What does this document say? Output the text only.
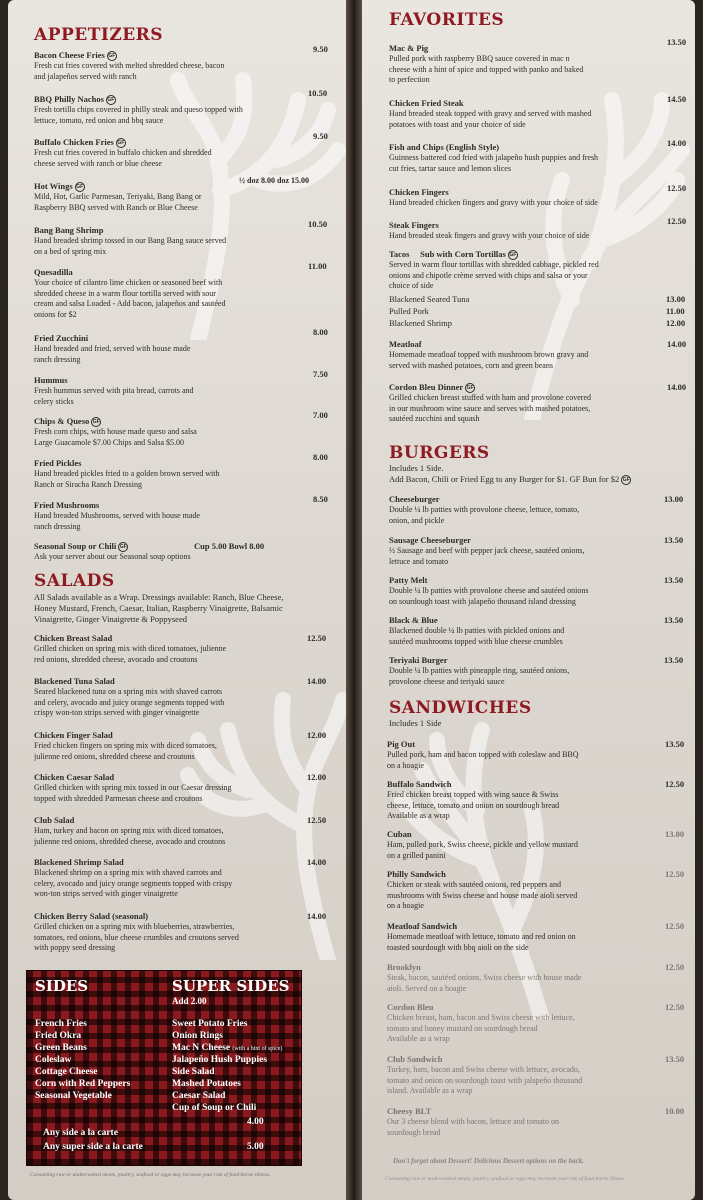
APPETIZERS
Bacon Cheese Fries GF
Fresh cut fries covered with melted shredded cheese, bacon
and jalapeños served with ranch
9.50
BBQ Philly Nachos GF
Fresh tortilla chips covered in philly steak and queso topped with
lettuce, tomato, red onion and bbq sauce
10.50
Buffalo Chicken Fries GF
Fresh cut fries covered in buffalo chicken and shredded
cheese served with ranch or blue cheese
9.50
Hot Wings GF
Mild, Hot, Garlic Parmesan, Teriyaki, Bang Bang or
Raspberry BBQ served with Ranch or Blue Cheese
½ doz 8.00 doz 15.00
Bang Bang Shrimp
Hand breaded shrimp tossed in our Bang Bang sauce served
on a bed of spring mix
10.50
Quesadilla
Your choice of cilantro lime chicken or seasoned beef with
shredded cheese in a warm flour tortilla served with sour
cream and salsa Loaded - Add bacon, jalapeños and sautéed
onions for $2
11.00
Fried Zucchini
Hand breaded and fried, served with house made
ranch dressing
8.00
Hummus
Fresh hummus served with pita bread, carrots and
celery sticks
7.50
Chips & Queso GF
Fresh corn chips, with house made queso and salsa
Large Guacamole $7.00 Chips and Salsa $5.00
7.00
Fried Pickles
Hand breaded pickles fried to a golden brown served with
Ranch or Siracha Ranch Dressing
8.00
Fried Mushrooms
Hand breaded Mushrooms, served with house made
ranch dressing
8.50
Seasonal Soup or Chili GF
Ask your server about our Seasonal soup options
Cup 5.00 Bowl 8.00
SALADS
All Salads available as a Wrap. Dressings available: Ranch, Blue Cheese,
Honey Mustard, French, Caesar, Italian, Raspberry Vinaigrette, Balsamic
Vinaigrette, Ginger Vinaigrette & Poppyseed
Chicken Breast Salad
Grilled chicken on spring mix with diced tomatoes, julienne
red onions, shredded cheese, avocado and croutons
12.50
Blackened Tuna Salad
Seared blackened tuna on a spring mix with shaved carrots
and celery, avocado and juicy orange segments topped with
crispy won-ton strips served with ginger vinaigrette
14.00
Chicken Finger Salad
Fried chicken fingers on spring mix with diced tomatoes,
julienne red onions, shredded cheese and croutons
12.00
Chicken Caesar Salad
Grilled chicken with spring mix tossed in our Caesar dressing
topped with shredded Parmesan cheese and croutons
12.00
Club Salad
Ham, turkey and bacon on spring mix with diced tomatoes,
julienne red onions, shredded cheese, avocado and croutons
12.50
Blackened Shrimp Salad
Blackened shrimp on a spring mix with shaved carrots and
celery, avocado and juicy orange segments topped with crispy
won-ton strips served with ginger vinaigrette
14.00
Chicken Berry Salad (seasonal)
Grilled chicken on a spring mix with blueberries, strawberries,
tomatoes, red onions, blue cheese crumbles and croutons served
with poppy seed dressing
14.00
SIDES	SUPER SIDES
Add 2.00
French Fries
Fried Okra
Green Beans
Coleslaw
Cottage Cheese
Corn with Red Peppers
Seasonal Vegetable
Sweet Potato Fries
Onion Rings
Mac N Cheese (with a hint of spice)
Jalapeño Hush Puppies
Side Salad
Mashed Potatoes
Caesar Salad
Cup of Soup or Chili
Any side a la carte
4.00
Any super side a la carte	5.00
Consuming raw or undercooked meats, poultry, seafood or eggs may increase your risk of food borne illness.
FAVORITES
Mac & Pig
Pulled pork with raspberry BBQ sauce covered in mac n
cheese with a hint of spice and topped with panko and baked
to perfection
13.50
Chicken Fried Steak
Hand breaded steak topped with gravy and served with mashed
potatoes with toast and your choice of side
14.50
Fish and Chips (English Style)
Guinness battered cod fried with jalapeño hush puppies and fresh
cut fries, tartar sauce and lemon slices
14.00
Chicken Fingers
Hand breaded chicken fingers and gravy with your choice of side
12.50
Steak Fingers
Hand breaded steak fingers and gravy with your choice of side
12.50
Tacos Sub with Corn Tortillas GF
Served in warm flour tortillas with shredded cabbage, pickled red
onions and chipotle crème served with chips and salsa or your
choice of side
Blackened Seared Tuna	13.00
Pulled Pork	11.00
Blackened Shrimp	12.00
Meatloaf
Homemade meatloaf topped with mushroom brown gravy and
served with mashed potatoes, corn and green beans
14.00
Cordon Bleu Dinner GF
Grilled chicken breast stuffed with ham and provolone covered
in our mushroom wine sauce and serves with mashed potatoes,
sautéed zucchini and squash
14.00
BURGERS
Includes 1 Side.
Add Bacon, Chili or Fried Egg to any Burger for $1. GF Bun for $2 GF
Cheeseburger
Double ¼ lb patties with provolone cheese, lettuce, tomato,
onion, and pickle
13.00
Sausage Cheeseburger
½ Sausage and beef with pepper jack cheese, sautéed onions,
lettuce and tomato
13.50
Patty Melt
Double ¼ lb patties with provolone cheese and sautéed onions
on sourdough toast with jalapeño thousand island dressing
13.50
Black & Blue
Blackened double ¼ lb patties with pickled onions and
sautéed mushrooms topped with blue cheese crumbles
13.50
Teriyaki Burger
Double ¼ lb patties with pineapple ring, sautéed onions,
provolone cheese and teriyaki sauce
13.50
SANDWICHES
Includes 1 Side
Pig Out
Pulled pork, ham and bacon topped with coleslaw and BBQ
on a hoagie
13.50
Buffalo Sandwich
Fried chicken breast topped with wing sauce & Swiss
cheese, lettuce, tomato and onion on sourdough bread
Available as a wrap
12.50
Cuban
Ham, pulled pork, Swiss cheese, pickle and yellow mustard
on a grilled panini
13.00
Philly Sandwich
Chicken or steak with sautéed onions, red peppers and
mushrooms with Swiss cheese and house made aioli served
on a hoagie
12.50
Meatloaf Sandwich
Homemade meatloaf with lettuce, tomato and red onion on
toasted sourdough with bbq aioli on the side
12.50
Brooklyn
Steak, bacon, sautéed onions, Swiss cheese with house made
aioli. Served on a hoagie
12.50
Cordon Bleu
Chicken breast, ham, bacon and Swiss cheese with lettuce,
tomato and honey mustard on sourdough bread
Available as a wrap
12.50
Club Sandwich
Turkey, ham, bacon and Swiss cheese with lettuce, avocado,
tomato and onion on sourdough toast with jalapeño thousand
island. Available as a wrap
13.50
Cheesy BLT
Our 3 cheese blend with bacon, lettuce and tomato on
sourdough bread
10.00
Don't forget about Dessert! Delicious Dessert options on the back.
Consuming raw or undercooked meats, poultry, seafood or eggs may increase your risk of food borne illness.
